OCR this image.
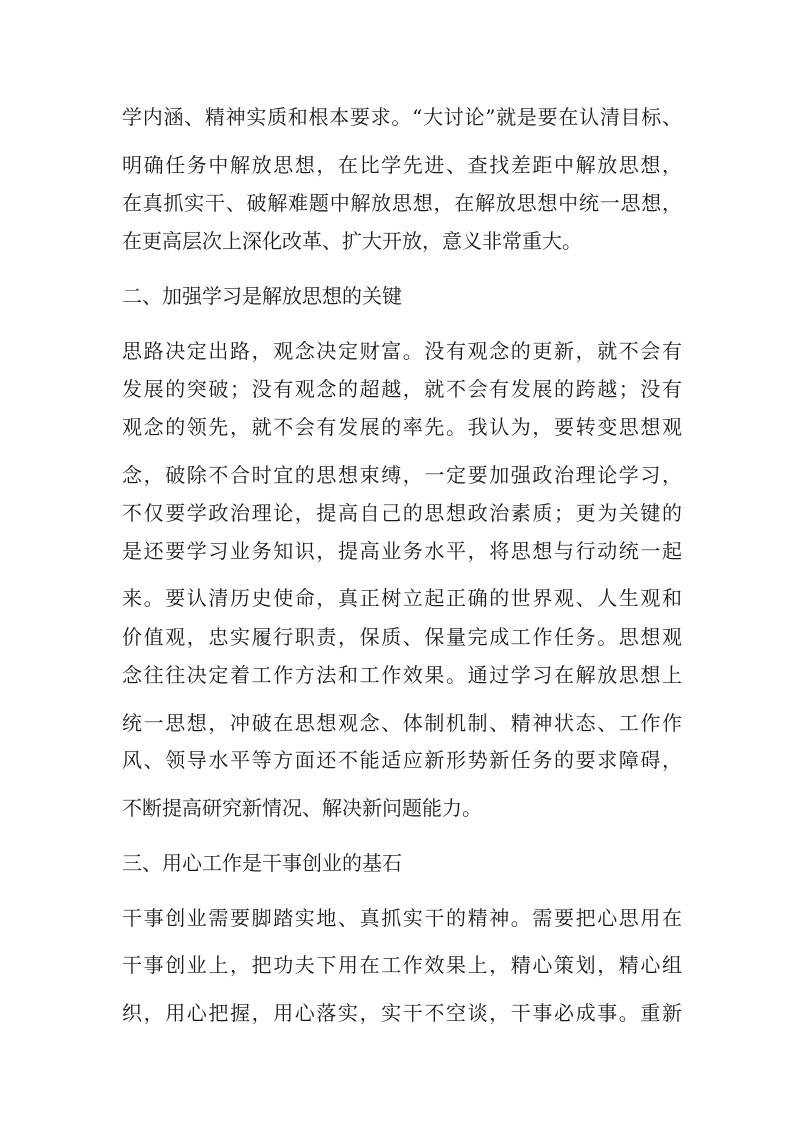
学内涵、精神实质和根本要求。“大讨论”就是要在认清目标、

明确任务中解放思想，在比学先进、查找差距中解放思想，

在真抓实干、破解难题中解放思想，在解放思想中统一思想，

在更高层次上深化改革、扩大开放，意义非常重大。

二、加强学习是解放思想的关键

思路决定出路，观念决定财富。没有观念的更新，就不会有

发展的突破；没有观念的超越，就不会有发展的跨越；没有

观念的领先，就不会有发展的率先。我认为，要转变思想观

念，破除不合时宜的思想束缚，一定要加强政治理论学习，

不仅要学政治理论，提高自己的思想政治素质；更为关键的

是还要学习业务知识，提高业务水平，将思想与行动统一起

来。要认清历史使命，真正树立起正确的世界观、人生观和

价值观，忠实履行职责，保质、保量完成工作任务。思想观

念往往决定着工作方法和工作效果。通过学习在解放思想上

统一思想，冲破在思想观念、体制机制、精神状态、工作作

风、领导水平等方面还不能适应新形势新任务的要求障碍，

不断提高研究新情况、解决新问题能力。

三、用心工作是干事创业的基石

干事创业需要脚踏实地、真抓实干的精神。需要把心思用在

干事创业上，把功夫下用在工作效果上，精心策划，精心组

织，用心把握，用心落实，实干不空谈，干事必成事。重新
